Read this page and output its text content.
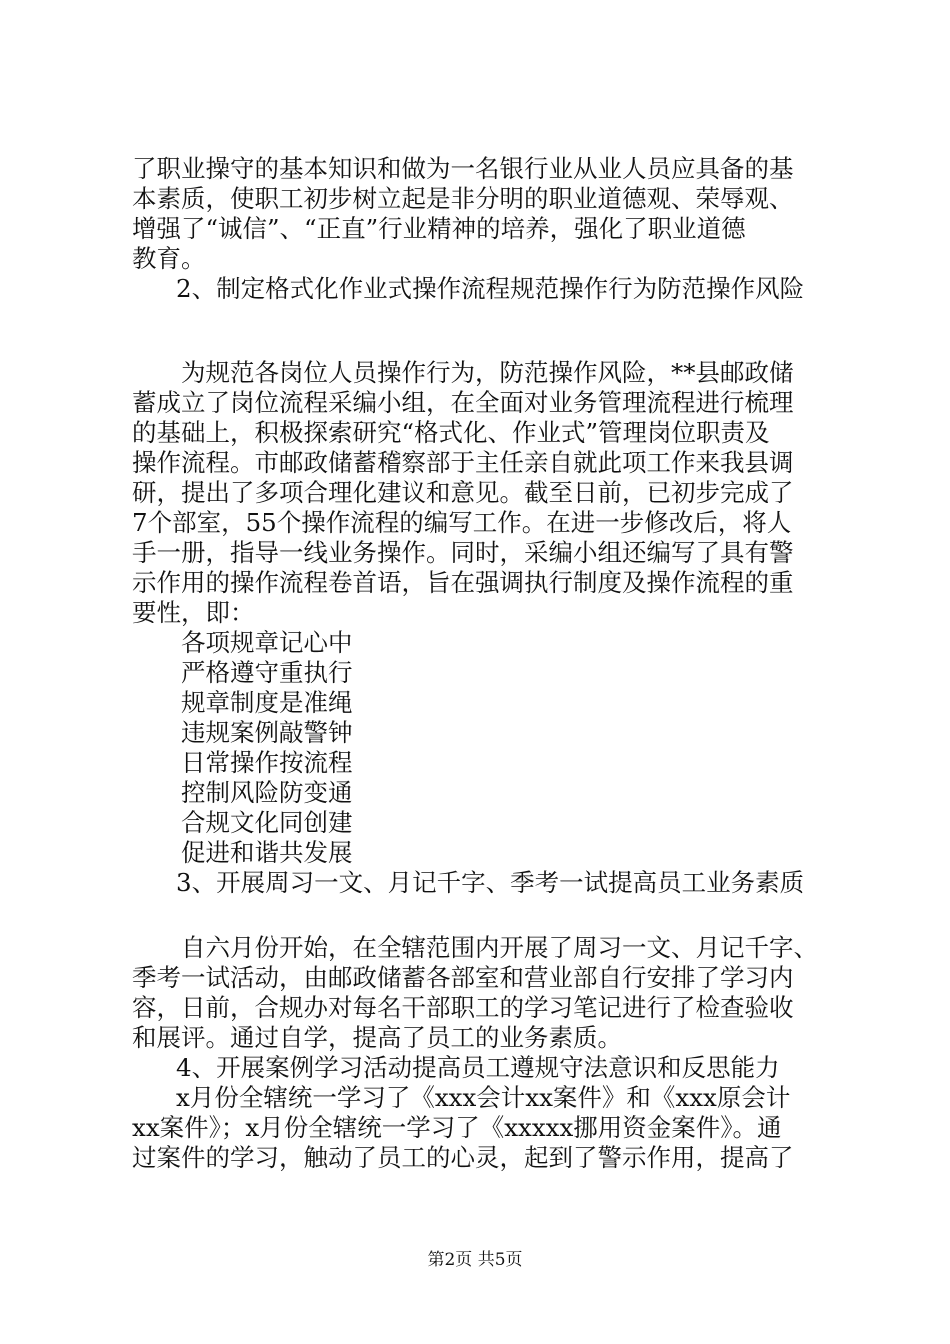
了职业操守的基本知识和做为一名银行业从业人员应具备的基
本素质，使职工初步树立起是非分明的职业道德观、荣辱观、
增强了“诚信”、“正直”行业精神的培养，强化了职业道德
教育。
2、制定格式化作业式操作流程规范操作行为防范操作风险
为规范各岗位人员操作行为，防范操作风险，**县邮政储
蓄成立了岗位流程采编小组，在全面对业务管理流程进行梳理
的基础上，积极探索研究“格式化、作业式”管理岗位职责及
操作流程。市邮政储蓄稽察部于主任亲自就此项工作来我县调
研，提出了多项合理化建议和意见。截至日前，已初步完成了
7个部室，55个操作流程的编写工作。在进一步修改后，将人
手一册，指导一线业务操作。同时，采编小组还编写了具有警
示作用的操作流程卷首语，旨在强调执行制度及操作流程的重
要性，即：
各项规章记心中
严格遵守重执行
规章制度是准绳
违规案例敲警钟
日常操作按流程
控制风险防变通
合规文化同创建
促进和谐共发展
3、开展周习一文、月记千字、季考一试提高员工业务素质
自六月份开始，在全辖范围内开展了周习一文、月记千字、
季考一试活动，由邮政储蓄各部室和营业部自行安排了学习内
容，日前，合规办对每名干部职工的学习笔记进行了检查验收
和展评。通过自学，提高了员工的业务素质。
4、开展案例学习活动提高员工遵规守法意识和反思能力
x月份全辖统一学习了《xxx会计xx案件》和《xxx原会计
xx案件》；x月份全辖统一学习了《xxxxx挪用资金案件》。通
过案件的学习，触动了员工的心灵，起到了警示作用，提高了
第2页 共5页
